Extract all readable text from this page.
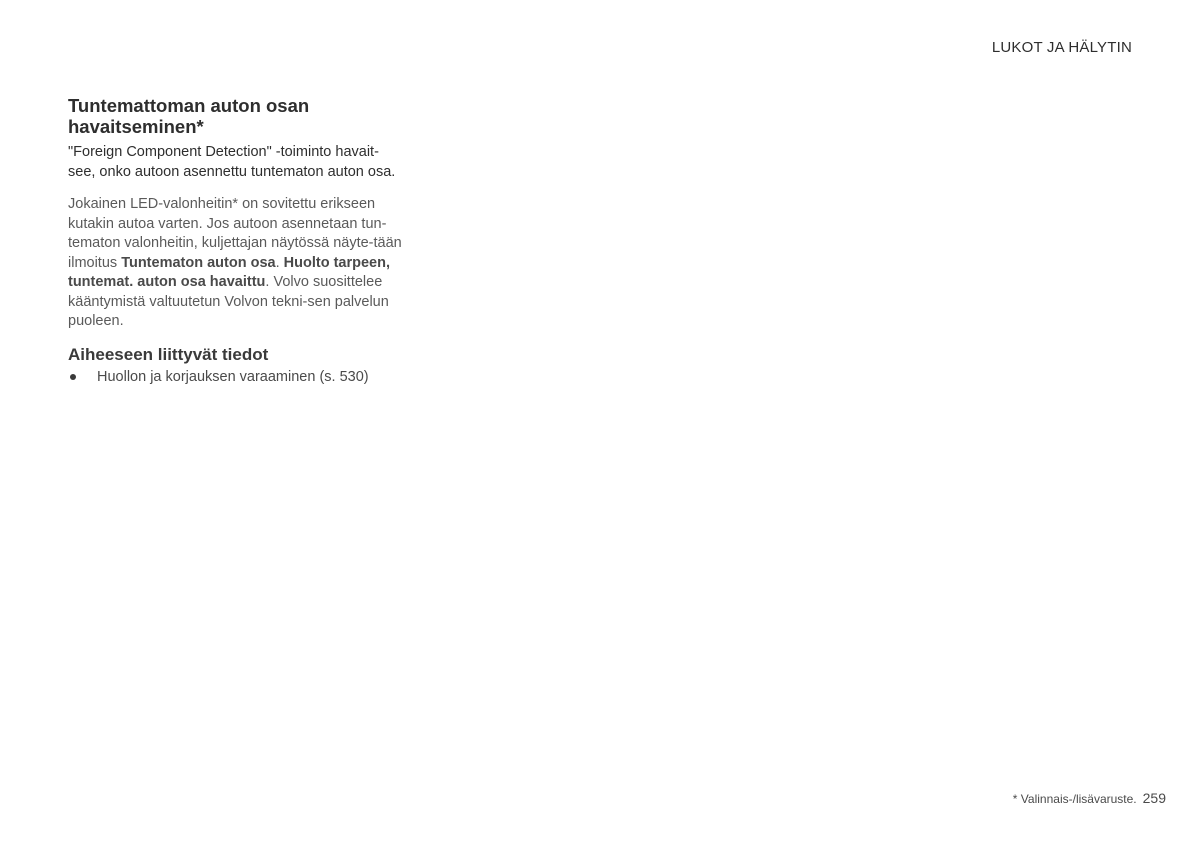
LUKOT JA HÄLYTIN
Tuntemattoman auton osan havaitseminen*

"Foreign Component Detection" -toiminto havait-see, onko autoon asennettu tuntematon auton osa.

Jokainen LED-valonheitin* on sovitettu erikseen kutakin autoa varten. Jos autoon asennetaan tun-tematon valonheitin, kuljettajan näytössä näyte-tään ilmoitus Tuntematon auton osa. Huolto tarpeen, tuntemat. auton osa havaittu. Volvo suosittelee kääntymistä valtuutetun Volvon tekni-sen palvelun puoleen.

Aiheeseen liittyvät tiedot
Huollon ja korjauksen varaaminen (s. 530)
* Valinnais-/lisävaruste. 259
